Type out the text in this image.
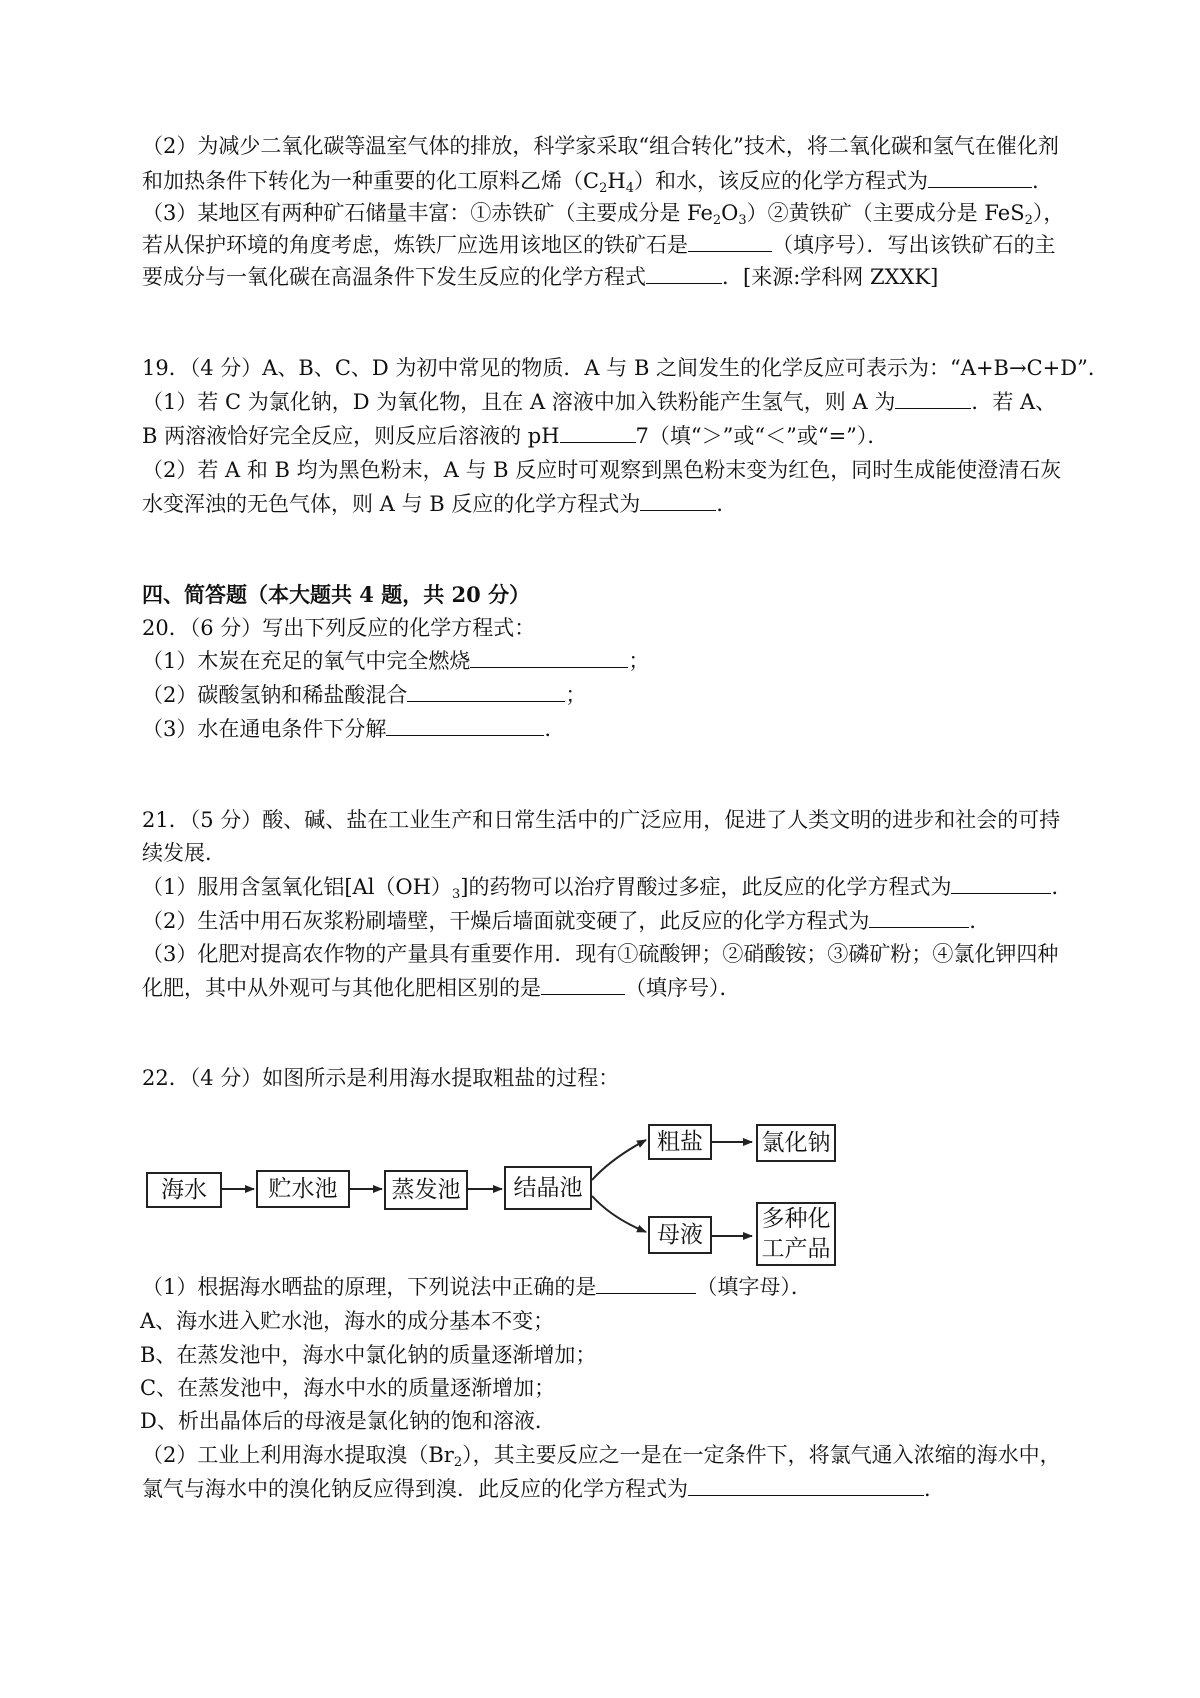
（2）为减少二氧化碳等温室气体的排放，科学家采取“组合转化”技术，将二氧化碳和氢气在催化剂
和加热条件下转化为一种重要的化工原料乙烯$(C_2H_4)$和水，该反应的化学方程式为	.
（3）某地区有两种矿石储量丰富：①赤铁矿（主要成分是 $Fe_2O_3)②$黄铁矿（主要成分是 FeS$_2$），
若从保护环境的角度考虑，炼铁厂应选用该地区的铁矿石是	（填序号）．写出该铁矿石的主
要成分与一氧化碳在高温条件下发生反应的化学方程式	．[来源:学科网 ZXXK]
19．（4 分）A、B、C、D 为初中常见的物质．A 与 B 之间发生的化学反应可表示为：“A+B→C+D”．
（1）若 C 为氯化钠，D 为氧化物，且在 A 溶液中加入铁粉能产生氢气，则 A 为	．若 A、
B 两溶液恰好完全反应，则反应后溶液的 pH	7（填“＞”或“＜”或“=”）．
（2）若 A 和 B 均为黑色粉末，A 与 B 反应时可观察到黑色粉末变为红色，同时生成能使澄清石灰
水变浑浊的无色气体，则 A 与 B 反应的化学方程式为	．
四、简答题（本大题共 4 题，共 20 分）
20．（6 分）写出下列反应的化学方程式：
（1）木炭在充足的氧气中完全燃烧	；
（2）碳酸氢钠和稀盐酸混合	；
（3）水在通电条件下分解	.
21．（5 分）酸、碱、盐在工业生产和日常生活中的广泛应用，促进了人类文明的进步和社会的可持
续发展．
（1）服用含氢氧化铝$[Al(OH)_3]$的药物可以治疗胃酸过多症，此反应的化学方程式为	．
（2）生活中用石灰浆粉刷墙壁，干燥后墙面就变硬了，此反应的化学方程式为	．
（3）化肥对提高农作物的产量具有重要作用．现有①硫酸钾；②硝酸铵；③磷矿粉；④氯化钾四种
化肥，其中从外观可与其他化肥相区别的是	（填序号）．
22．（4 分）如图所示是利用海水提取粗盐的过程：
海水	贮水池 蒸发池 结晶池
粗盐	氯化钠
母液
多种化
工产品
（1）根据海水晒盐的原理，下列说法中正确的是	（填字母）．
A、海水进入贮水池，海水的成分基本不变；
B、在蒸发池中，海水中氯化钠的质量逐渐增加；
C、在蒸发池中，海水中水的质量逐渐增加；
D、析出晶体后的母液是氯化钠的饱和溶液．
（2）工业上利用海水提取溴$(Br_2)$，其主要反应之一是在一定条件下，将氯气通入浓缩的海水中，
氯气与海水中的溴化钠反应得到溴．此反应的化学方程式为	．
